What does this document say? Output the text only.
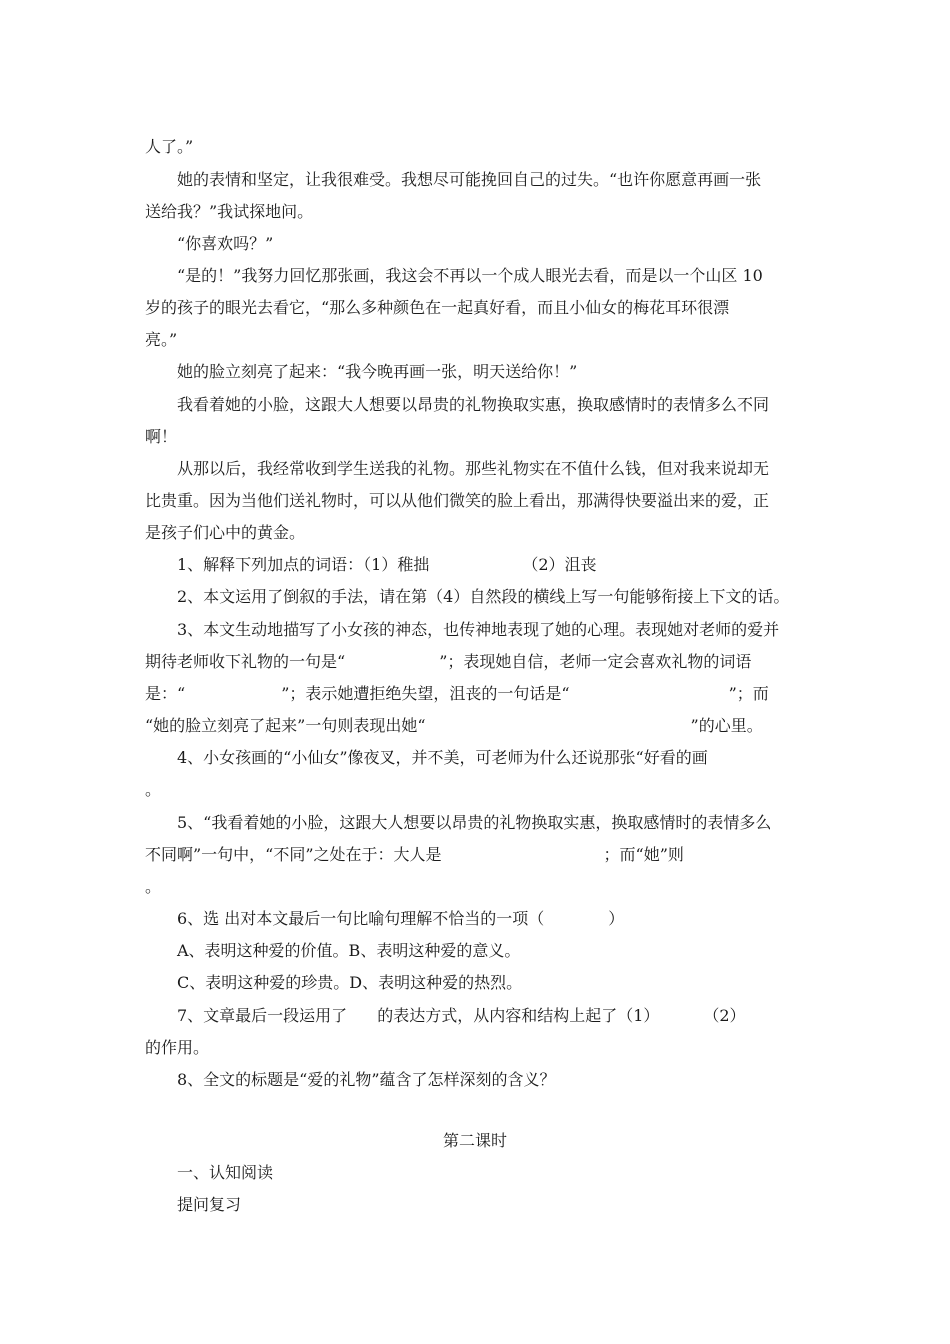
人了。”
她的表情和坚定，让我很难受。我想尽可能挽回自己的过失。“也许你愿意再画一张
送给我？”我试探地问。
“你喜欢吗？”
“是的！”我努力回忆那张画，我这会不再以一个成人眼光去看，而是以一个山区 10
岁的孩子的眼光去看它，“那么多种颜色在一起真好看，而且小仙女的梅花耳环很漂
亮。”
她的脸立刻亮了起来：“我今晚再画一张，明天送给你！”
我看着她的小脸，这跟大人想要以昂贵的礼物换取实惠，换取感情时的表情多么不同
啊！
从那以后，我经常收到学生送我的礼物。那些礼物实在不值什么钱，但对我来说却无
比贵重。因为当他们送礼物时，可以从他们微笑的脸上看出，那满得快要溢出来的爱，正
是孩子们心中的黄金。
1、解释下列加点的词语：（1）稚拙	（2）沮丧
2、本文运用了倒叙的手法，请在第（4）自然段的横线上写一句能够衔接上下文的话。
3、本文生动地描写了小女孩的神态，也传神地表现了她的心理。表现她对老师的爱并
期待老师收下礼物的一句是“	”；表现她自信，老师一定会喜欢礼物的词语
是：“	”；表示她遭拒绝失望，沮丧的一句话是“	”；而
“她的脸立刻亮了起来”一句则表现出她“	”的心里。
4、小女孩画的“小仙女”像夜叉，并不美，可老师为什么还说那张“好看的画
。
5、“我看着她的小脸，这跟大人想要以昂贵的礼物换取实惠，换取感情时的表情多么
不同啊”一句中，“不同”之处在于：大人是	；而“她”则
。
6、选 出对本文最后一句比喻句理解不恰当的一项（　　　　）
A、表明这种爱的价值。B、表明这种爱的意义。
C、表明这种爱的珍贵。D、表明这种爱的热烈。
7、文章最后一段运用了 的表达方式，从内容和结构上起了（1）	（2）
的作用。
8、全文的标题是“爱的礼物”蕴含了怎样深刻的含义？
第二课时
一、认知阅读
提问复习
